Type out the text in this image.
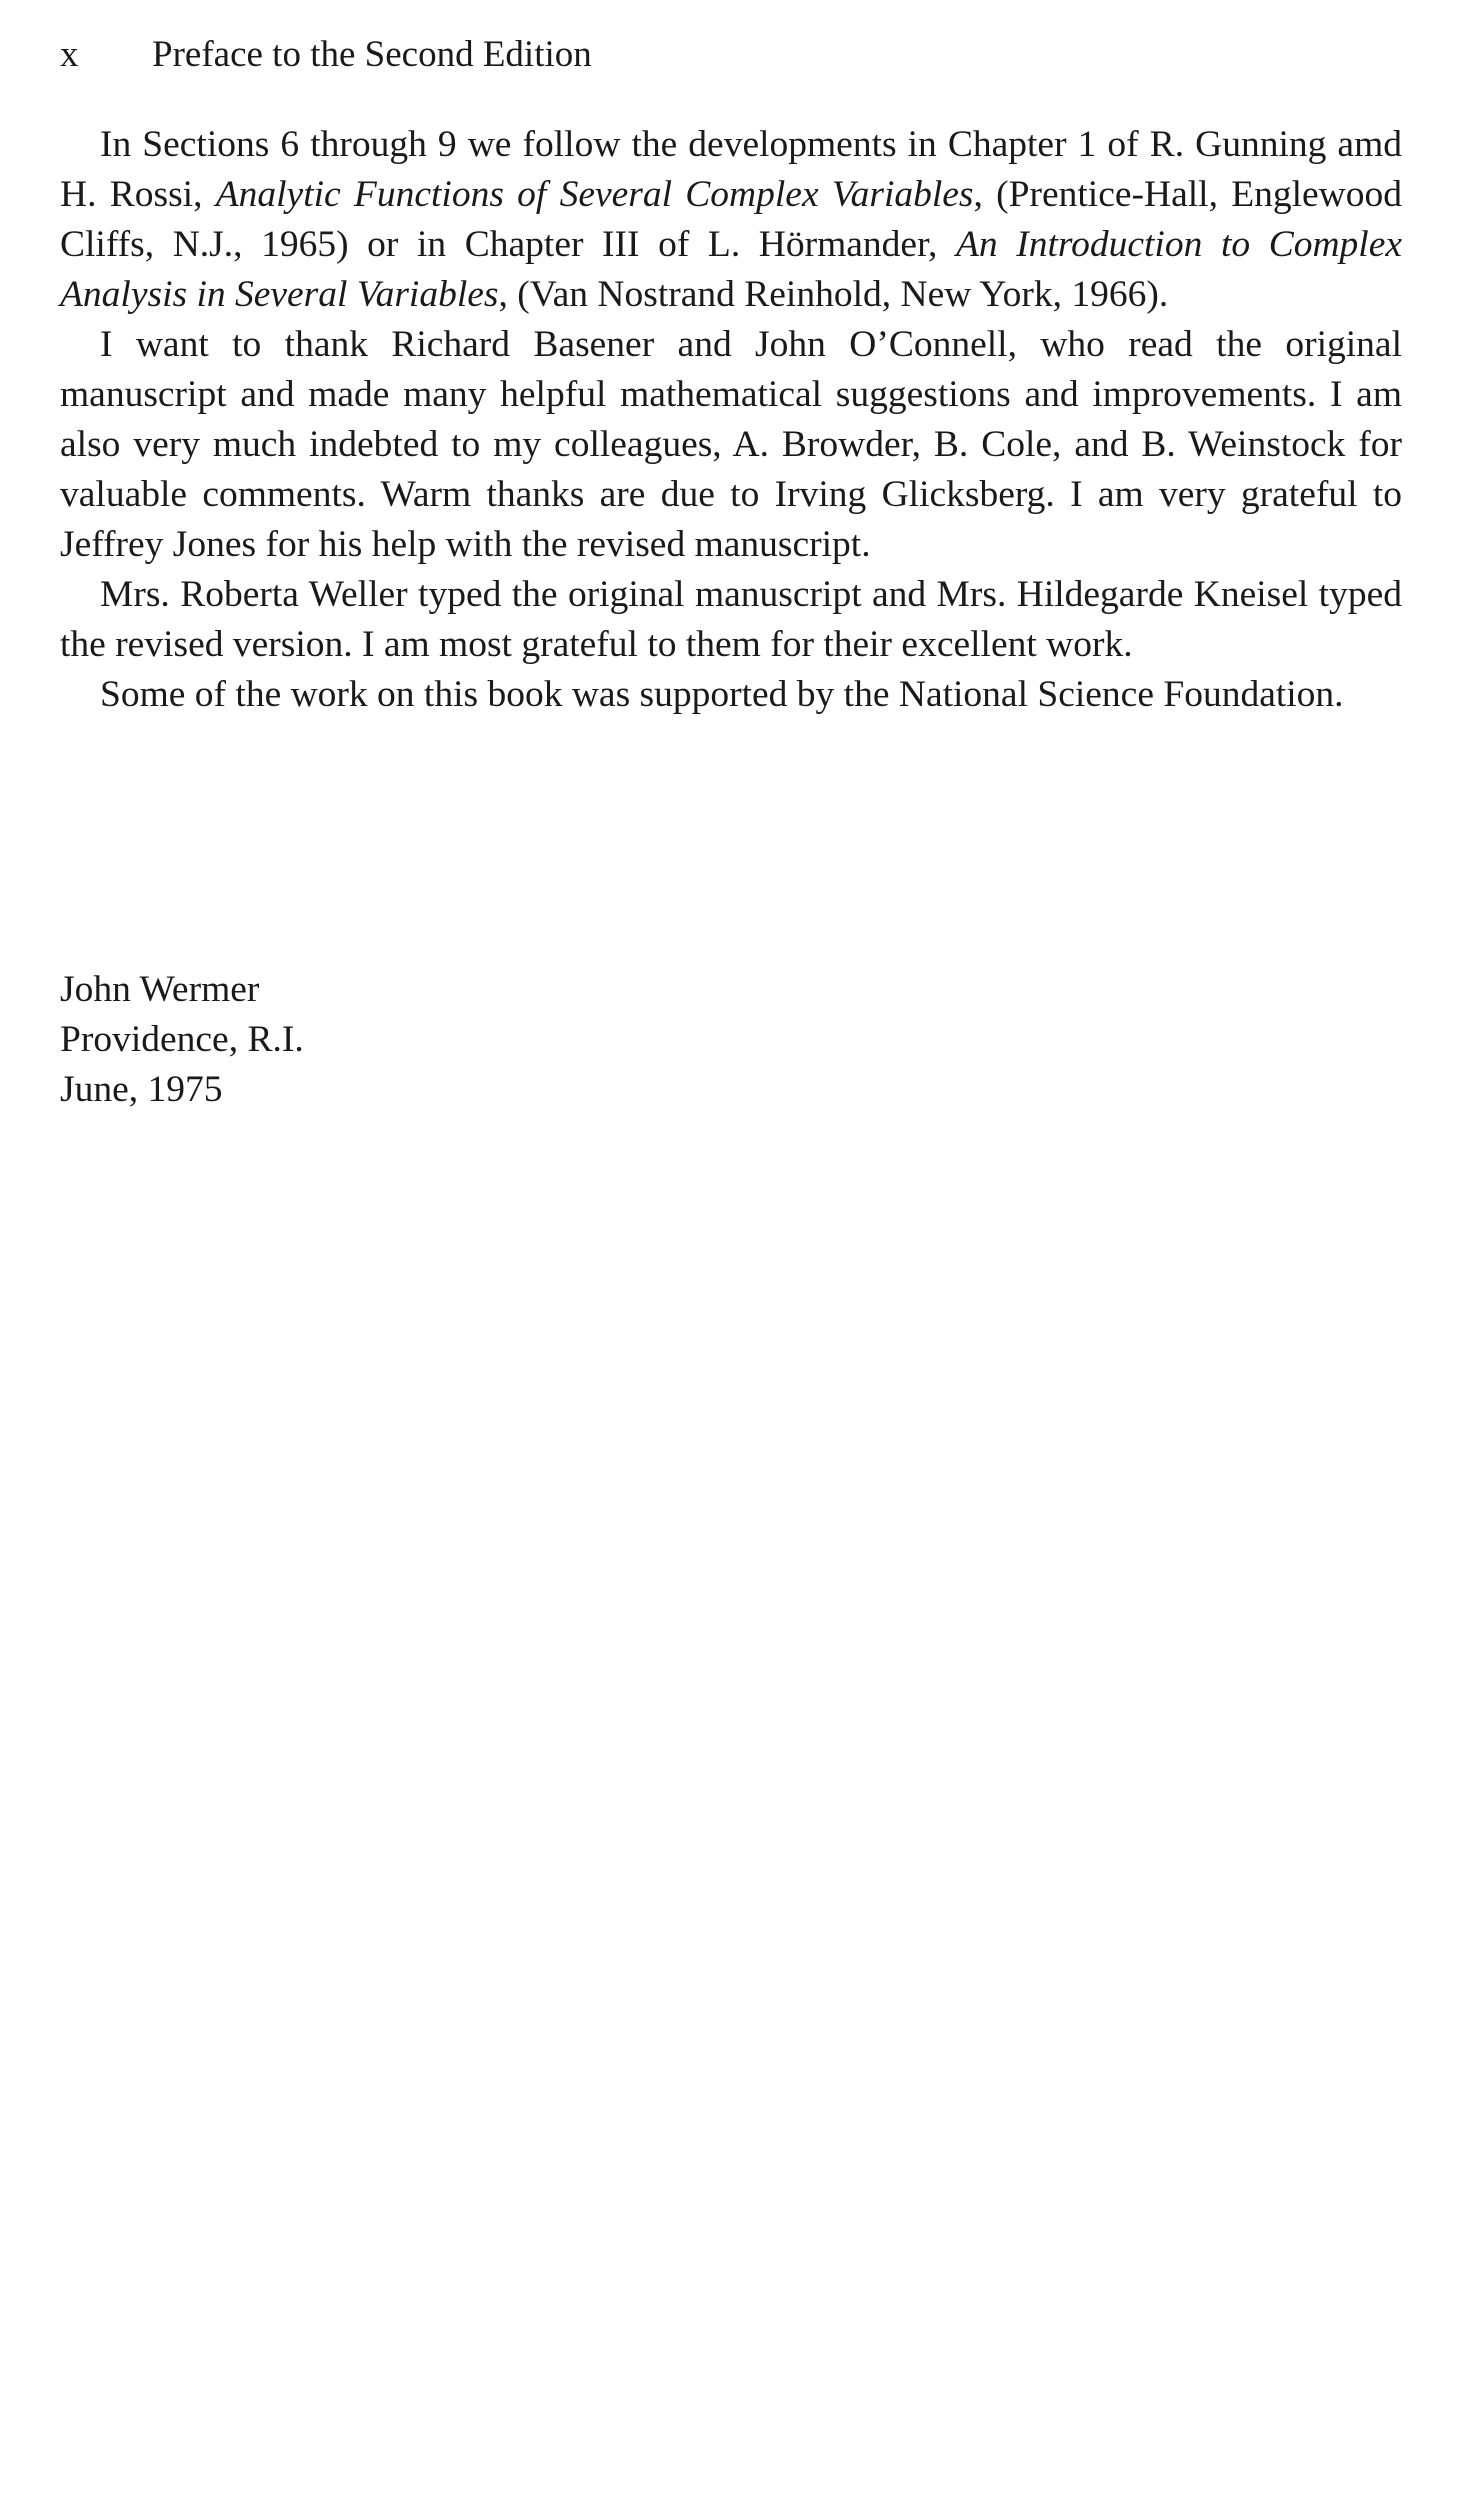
x Preface to the Second Edition

In Sections 6 through 9 we follow the developments in Chapter 1 of R. Gunning amd H. Rossi, Analytic Functions of Several Complex Variables, (Prentice-Hall, Englewood Cliffs, N.J., 1965) or in Chapter III of L. Hörmander, An Introduction to Complex Analysis in Several Variables, (Van Nostrand Reinhold, New York, 1966).

I want to thank Richard Basener and John O’Connell, who read the original manuscript and made many helpful mathematical suggestions and improvements. I am also very much indebted to my colleagues, A. Browder, B. Cole, and B. Weinstock for valuable comments. Warm thanks are due to Irving Glicksberg. I am very grateful to Jeffrey Jones for his help with the revised manuscript.

Mrs. Roberta Weller typed the original manuscript and Mrs. Hildegarde Kneisel typed the revised version. I am most grateful to them for their excellent work.

Some of the work on this book was supported by the National Science Foundation.

John Wermer
Providence, R.I.
June, 1975
